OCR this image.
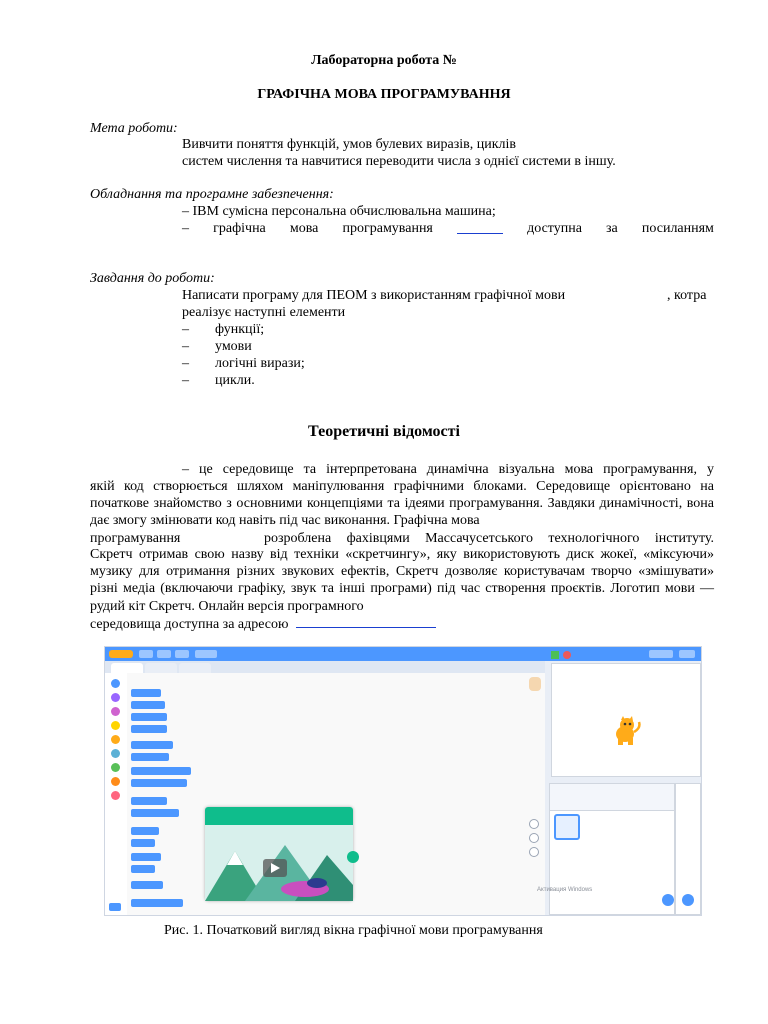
Лабораторна робота №
ГРАФІЧНА МОВА ПРОГРАМУВАННЯ
Мета роботи:
Вивчити поняття функцій, умов булевих виразів, циклів
систем числення та навчитися переводити числа з однієї системи в іншу.
Обладнання та програмне забезпечення:
– IBM сумісна персональна обчислювальна машина;
– графічна мова програмування	доступна за посиланням
Завдання до роботи:
Написати програму для ПЕОМ з використанням графічної мови	, котра
реалізує наступні елементи
– функції;
– умови
– логічні вирази;
– цикли.
Теоретичні відомості
– це середовище та інтерпретована динамічна візуальна мова програмування, у
якій код створюється шляхом маніпулювання графічними блоками. Середовище орієнтовано на початкове знайомство з основними концепціями та ідеями програмування. Завдяки динамічності, вона дає змогу змінювати код навіть під час виконання. Графічна мова
програмування	розроблена фахівцями Массачусетського технологічного інституту.
Скретч отримав свою назву від техніки «скретчингу», яку використовують диск жокеї, «міксуючи» музику для отримання різних звукових ефектів, Скретч дозволяє користувачам творчо «змішувати» різні медіа (включаючи графіку, звук та інші програми) під час створення проєктів. Логотип мови — рудий кіт Скретч. Онлайн версія програмного
середовища доступна за адресою
Активация Windows
Рис. 1. Початковий вигляд вікна графічної мови програмування
